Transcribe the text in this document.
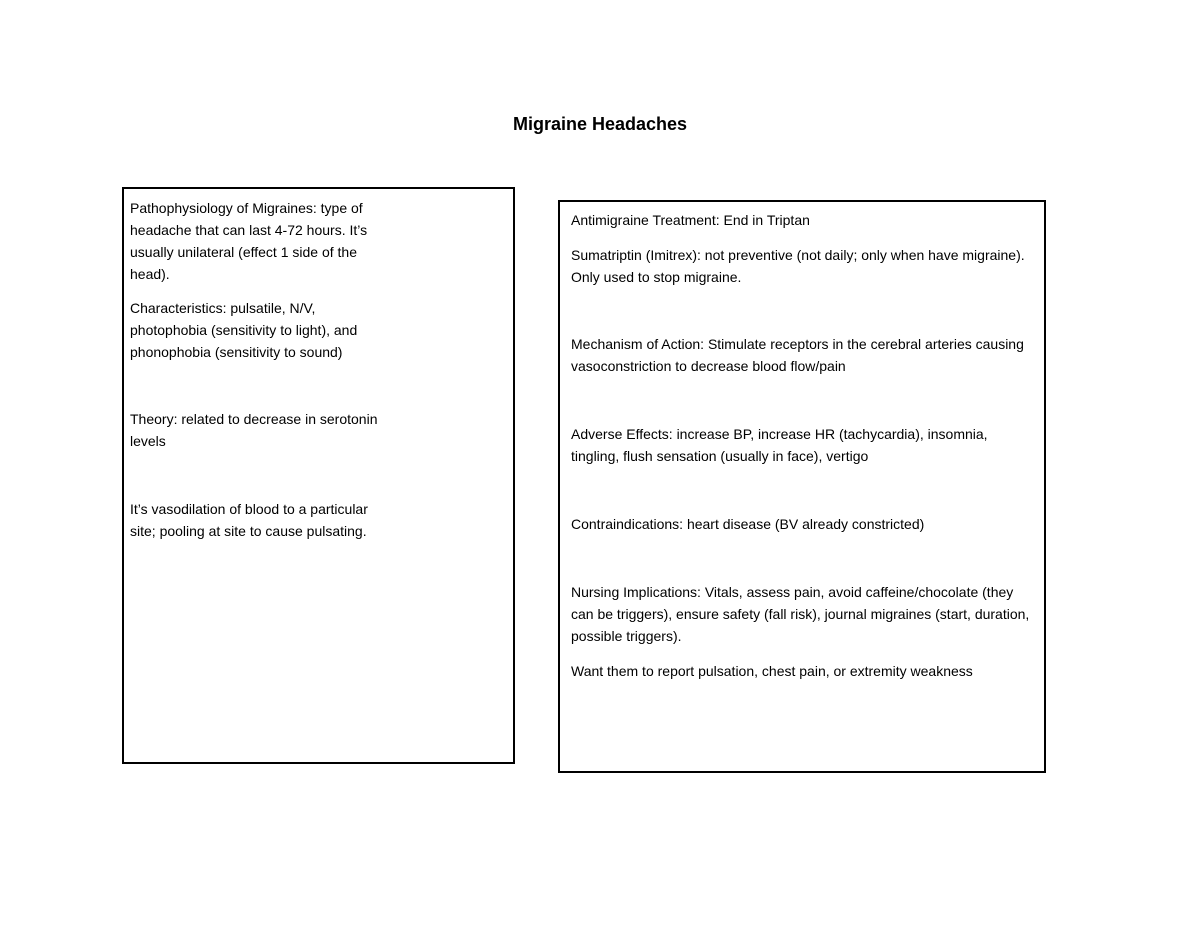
Migraine Headaches

Pathophysiology of Migraines: type of headache that can last 4-72 hours. It’s usually unilateral (effect 1 side of the head).

Characteristics: pulsatile, N/V, photophobia (sensitivity to light), and phonophobia (sensitivity to sound)

Theory: related to decrease in serotonin levels

It’s vasodilation of blood to a particular site; pooling at site to cause pulsating.

Antimigraine Treatment: End in Triptan

Sumatriptin (Imitrex): not preventive (not daily; only when have migraine). Only used to stop migraine.

Mechanism of Action: Stimulate receptors in the cerebral arteries causing vasoconstriction to decrease blood flow/pain

Adverse Effects: increase BP, increase HR (tachycardia), insomnia, tingling, flush sensation (usually in face), vertigo

Contraindications: heart disease (BV already constricted)

Nursing Implications: Vitals, assess pain, avoid caffeine/chocolate (they can be triggers), ensure safety (fall risk), journal migraines (start, duration, possible triggers).

Want them to report pulsation, chest pain, or extremity weakness
